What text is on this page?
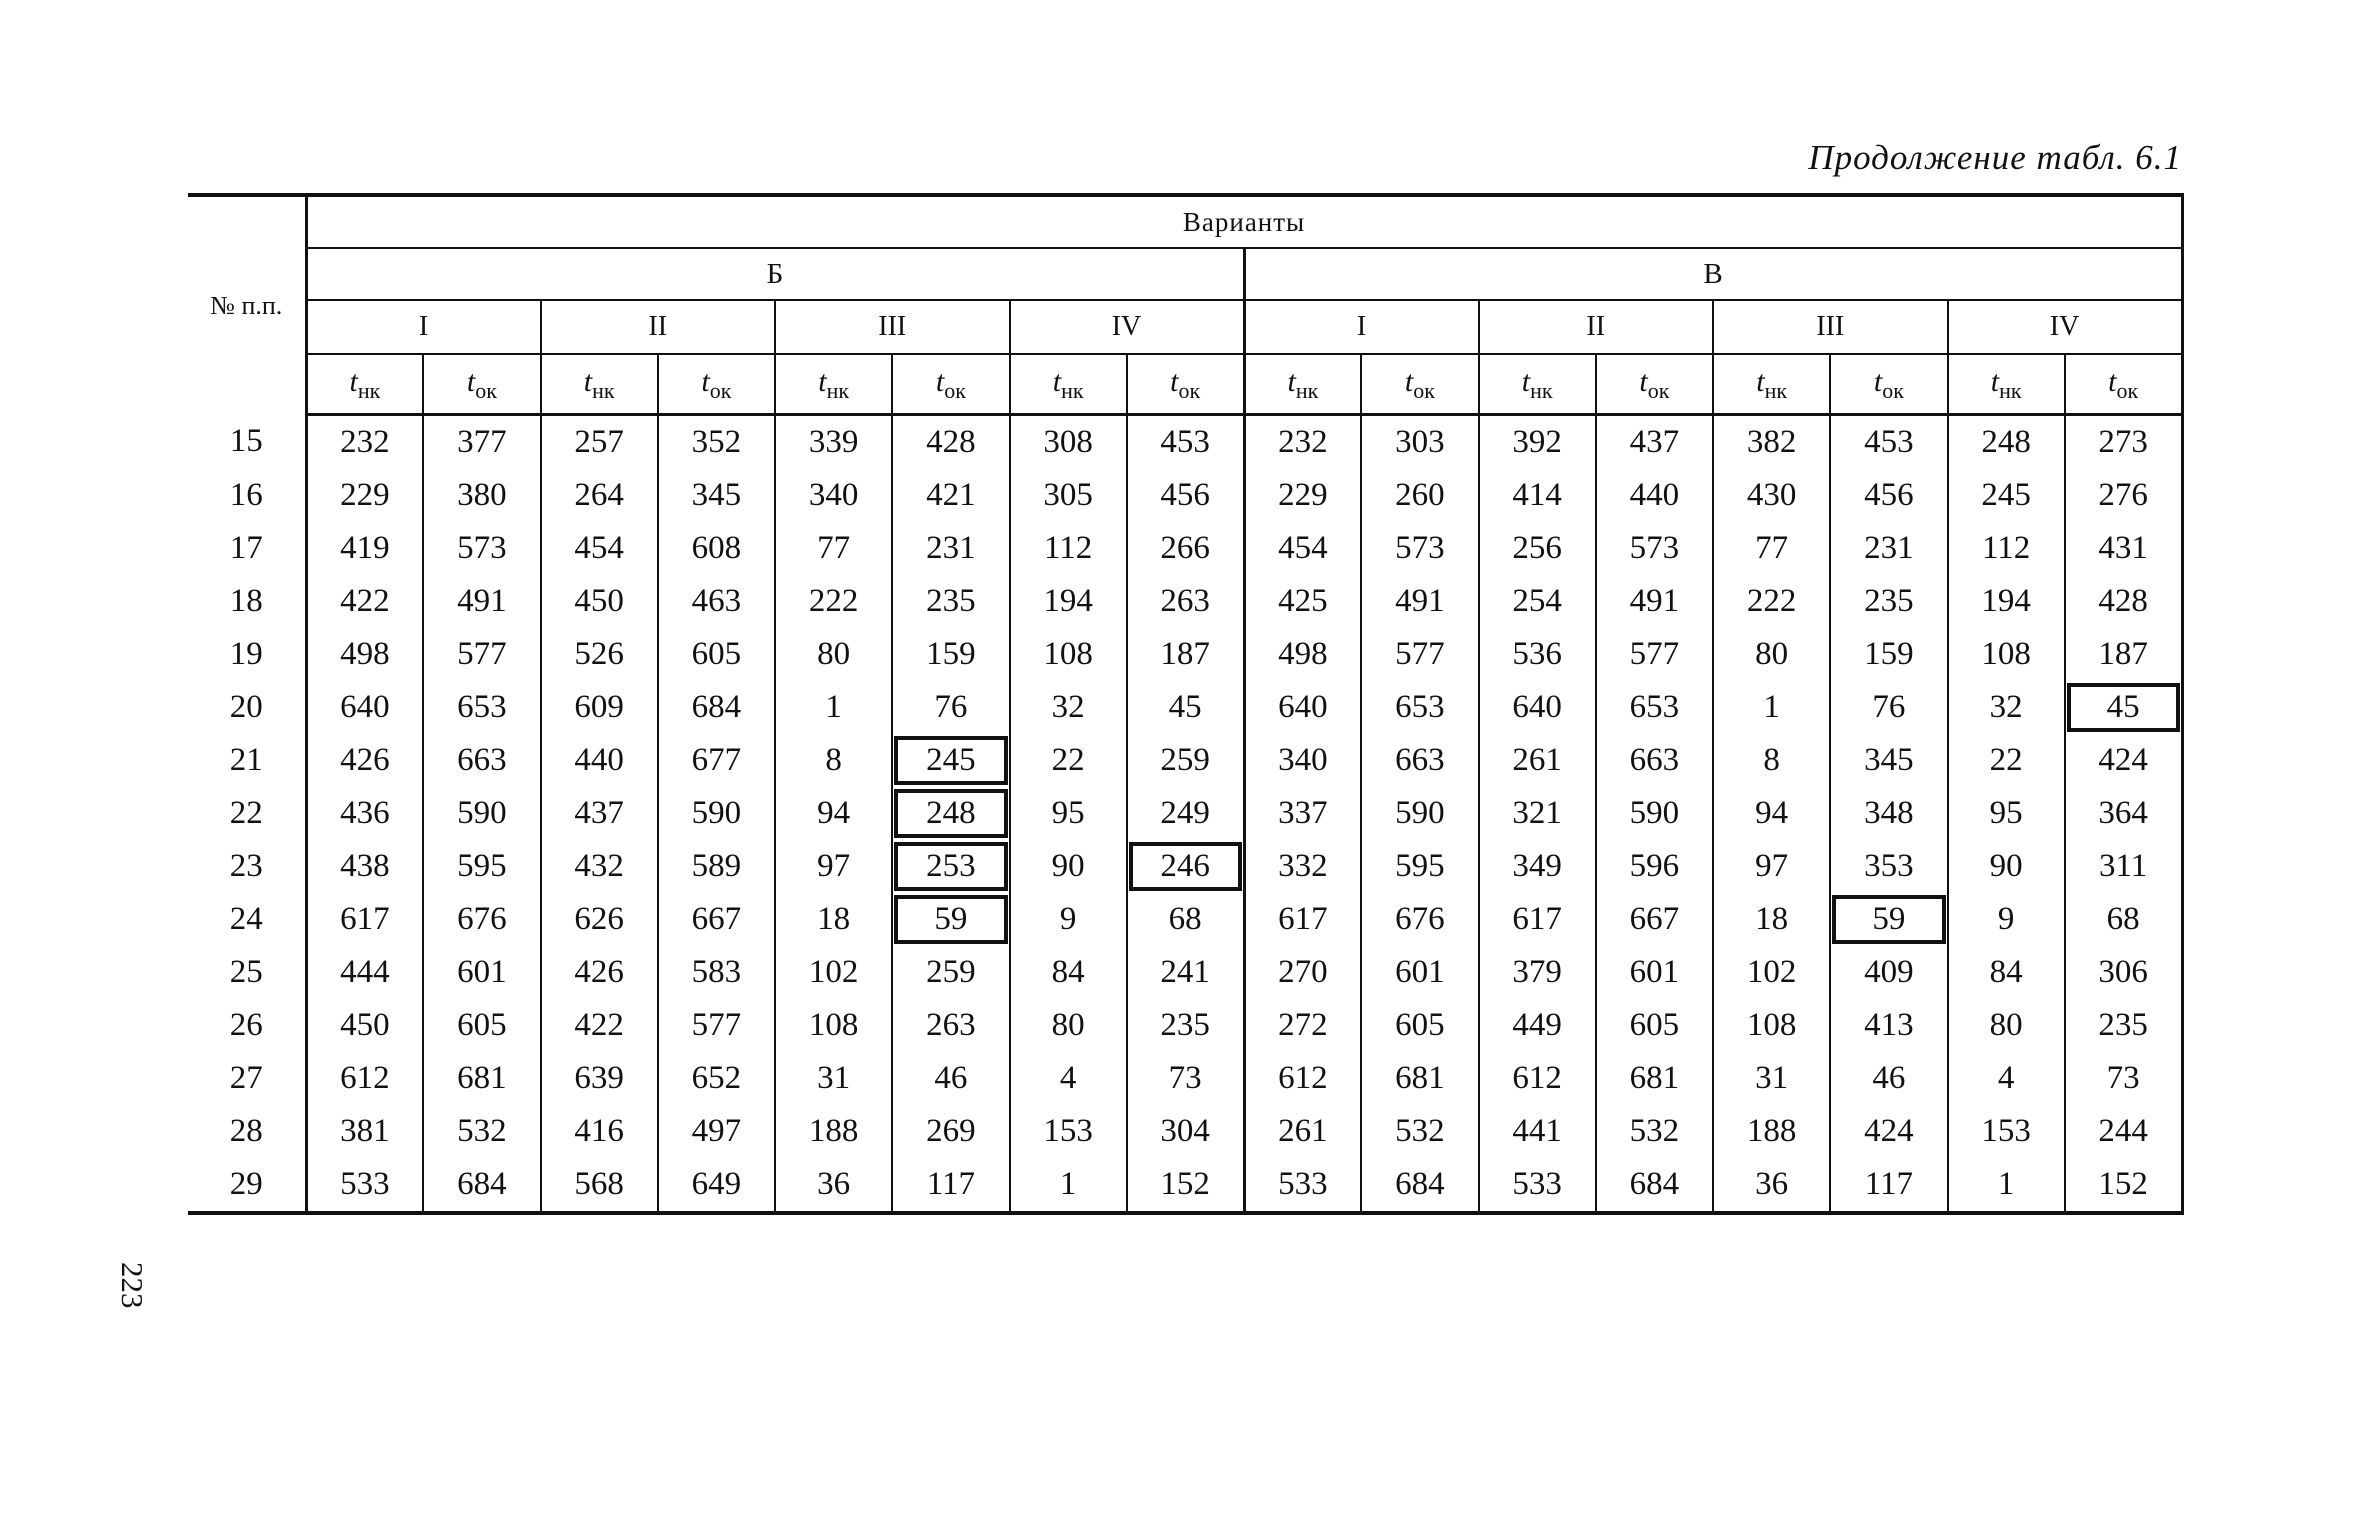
Продолжение табл. 6.1
223
№ п.п.	Варианты															
	Б								В							
	I		II		III		IV		I		II		III		IV	
	$t_{нк}$	$t_{ок}$	$t_{нк}$	$t_{ок}$	$t_{нк}$	$t_{ок}$	$t_{нк}$	$t_{ок}$	$t_{нк}$	$t_{ок}$	$t_{нк}$	$t_{ок}$	$t_{нк}$	$t_{ок}$	$t_{нк}$	$t_{ок}$
15	232	377	257	352	339	428	308	453	232	303	392	437	382	453	248	273
16	229	380	264	345	340	421	305	456	229	260	414	440	430	456	245	276
17	419	573	454	608	77	231	112	266	454	573	256	573	77	231	112	431
18	422	491	450	463	222	235	194	263	425	491	254	491	222	235	194	428
19	498	577	526	605	80	159	108	187	498	577	536	577	80	159	108	187
20	640	653	609	684	1	76	32	45	640	653	640	653	1	76	32	45
21	426	663	440	677	8	245	22	259	340	663	261	663	8	345	22	424
22	436	590	437	590	94	248	95	249	337	590	321	590	94	348	95	364
23	438	595	432	589	97	253	90	246	332	595	349	596	97	353	90	311
24	617	676	626	667	18	59	9	68	617	676	617	667	18	59	9	68
25	444	601	426	583	102	259	84	241	270	601	379	601	102	409	84	306
26	450	605	422	577	108	263	80	235	272	605	449	605	108	413	80	235
27	612	681	639	652	31	46	4	73	612	681	612	681	31	46	4	73
28	381	532	416	497	188	269	153	304	261	532	441	532	188	424	153	244
29	533	684	568	649	36	117	1	152	533	684	533	684	36	117	1	152
